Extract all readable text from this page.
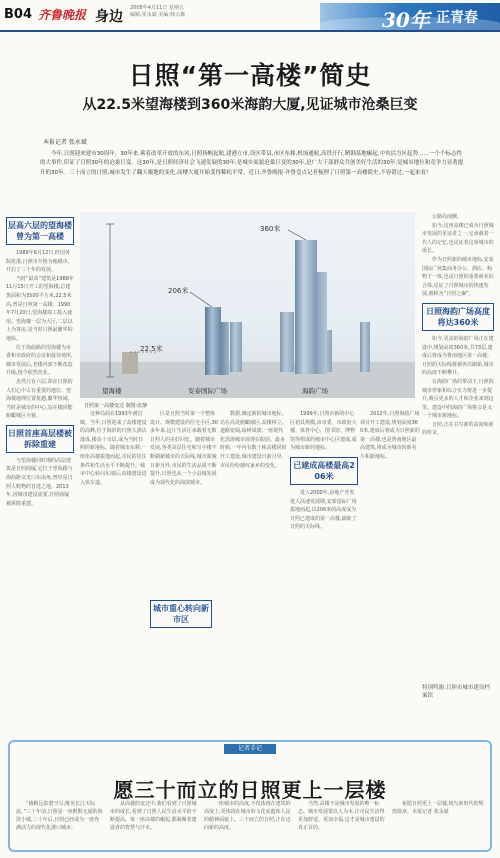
B04 齐鲁晚报 身边
2008年4月11日 星期五
编辑:张永斌 美编:韩云森	30年 正青春
日照“第一高楼”简史
从22.5米望海楼到360米海韵大厦,见证城市沧桑巨变
本报记者 张永斌
今年,日照迎来建市30周年。30年来,乘着改革开放的东风,日照扬帆起航,建港立市,设区带县,市区东移,机场通航,高铁开行,精钢基地崛起,中央活力区起势……一个个标志性的大事件,印证了日照30年的沧桑巨变。这30年,是日照经济社会飞速发展的30年,是城乡面貌沧桑巨变的30年,是广大干部群众共创美好生活的30年,是城市地位和竞争力显著提升的30年。三十而立的日照,城市发生了翻天覆地的变化,高楼大厦开始变得稀松平常。近日,齐鲁晚报·齐鲁壹点记者梳理了日照第一高楼简史,不容错过,一起来看!
层高六层的望海楼曾为第一高楼

1989年6月12日,经国务院批准,日照市升格为地级市,开启了三十年的发展。

当时“最高”建筑是1988年11月15日开工的望海楼,总建筑面积为3500平方米,22.5米高,曾是日照第一高楼。1990年7月20日,望海楼竣工投入使用。望海楼一层为大厅,二层以上为客房,是当时日照最繁华的地标。

位于海曲路的望海楼为市委和市政府的会议和接待场所,城市发展后,老楼内部不断改造升级,现今依然营业。

虽然只有六层,却在日照的人们心中占有重要的地位。望海楼地理位置优越,繁华热闹,当时是城市的中心,站在楼顶能俯瞰城区全貌。

日照首座高层楼被拆除重建

与望海楼同时期的高层建筑是日照商厦,它位于望海路与海曲路交叉口东南角,曾经是日照人购物的首选之地。2013年,因城市建设需要,日照商厦被拆除重建。

360米
206米
22.5米
望海楼	安泰国际广场	海韵广场
日照第一高楼变迁 制图:张静

这种局面在1993年被打破。当年,日照迎来了高楼建设的高峰,位于海滨的日照大酒店落成,楼高十余层,成为当时日照的新地标。随着城市东移,一座座高楼拔地而起,市民的居住条件和生活水平不断提升。城市中心转向东部后,高楼建设进入快车道。

区是日照当时第一个整体设计、规模建设的住宅小区,30多年来,这片生活区承载着无数日照人的美好回忆。随着城市发展,各类高层住宅和写字楼不断刷新城市的天际线,城市面貌日新月异,市民的生活品质不断提升,日照也从一个小县城发展成为现代化的海滨城市。

数据,确定新的城市地标。站在高处俯瞰城区,高楼林立,道路宽阔,绿树成荫,一座现代化滨海城市展现在眼前。最多时候,一年内有数十栋高楼同时开工建设,城市建设日新月异,市民纷纷感叹家乡的变化。

1999年,日照市新的中心区初具规模,由市委、市政府大楼、体育中心、图书馆、博物馆等组成的城市中心区建成,成为城市新的地标。

已建成高楼最高206米

进入2000年,房地产开发进入高速发展期,安泰国际广场拔地而起,以206米的高度成为日照已建成的第一高楼,刷新了日照的天际线。

2012年,日照海韵广场项目开工建设,规划高度360米,建成后将成为日照新的第一高楼,也是鲁南地区最高建筑,将成为城市的新名片和新地标。

城市重心转向新市区

公路局南侧。

如今,这座高楼已成为日照城市发展的见证者之一,它承载着一代人的记忆,也见证着这座城市的成长。

作为日照新的城市地标,安泰国际广场集商务办公、酒店、购物于一体,也是日照的重要商业综合体,见证了日照城市的快速发展,被称为“日照之巅”。

日照海韵广场高度将达360米

如今,更高的海韵广场正在建设中,规划高度360米,共73层,建成后将成为鲁南地区第一高楼。日照的天际线将被再次刷新,城市的高度不断攀升。

在海韵广场的带动下,日照的城市形象和综合实力将进一步提升,吸引更多的人才和企业来到这里。建设中的海韵广场将会是又一个城市新地标。

日照,正在书写新的高度和新的传奇。

特别鸣谢:日照市城市建设档案馆
记者手记
愿三十而立的日照更上一层楼

“樯帆远影碧空尽,唯见长江天际流。”三十年前,日照是一座默默无闻的海滨小城,三十年后,日照已经成为一座充满活力的现代化港口城市。

从高楼的变迁中,我们看到了日照城市的成长,看到了日照人民生活水平的不断提高。每一座高楼的崛起,都凝聚着建设者的智慧与汗水。

一座城市的高度,不仅体现在建筑的高度上,更体现在城市的文化底蕴和人民的精神面貌上。三十而立的日照,正在迈向新的高度。

当然,高楼不是城市发展的唯一标志。城市发展要以人为本,让市民生活得更加舒适、更加幸福,这才是城市建设的真正目的。

祝愿日照更上一层楼,续写新时代的辉煌篇章。本报记者 张永斌
